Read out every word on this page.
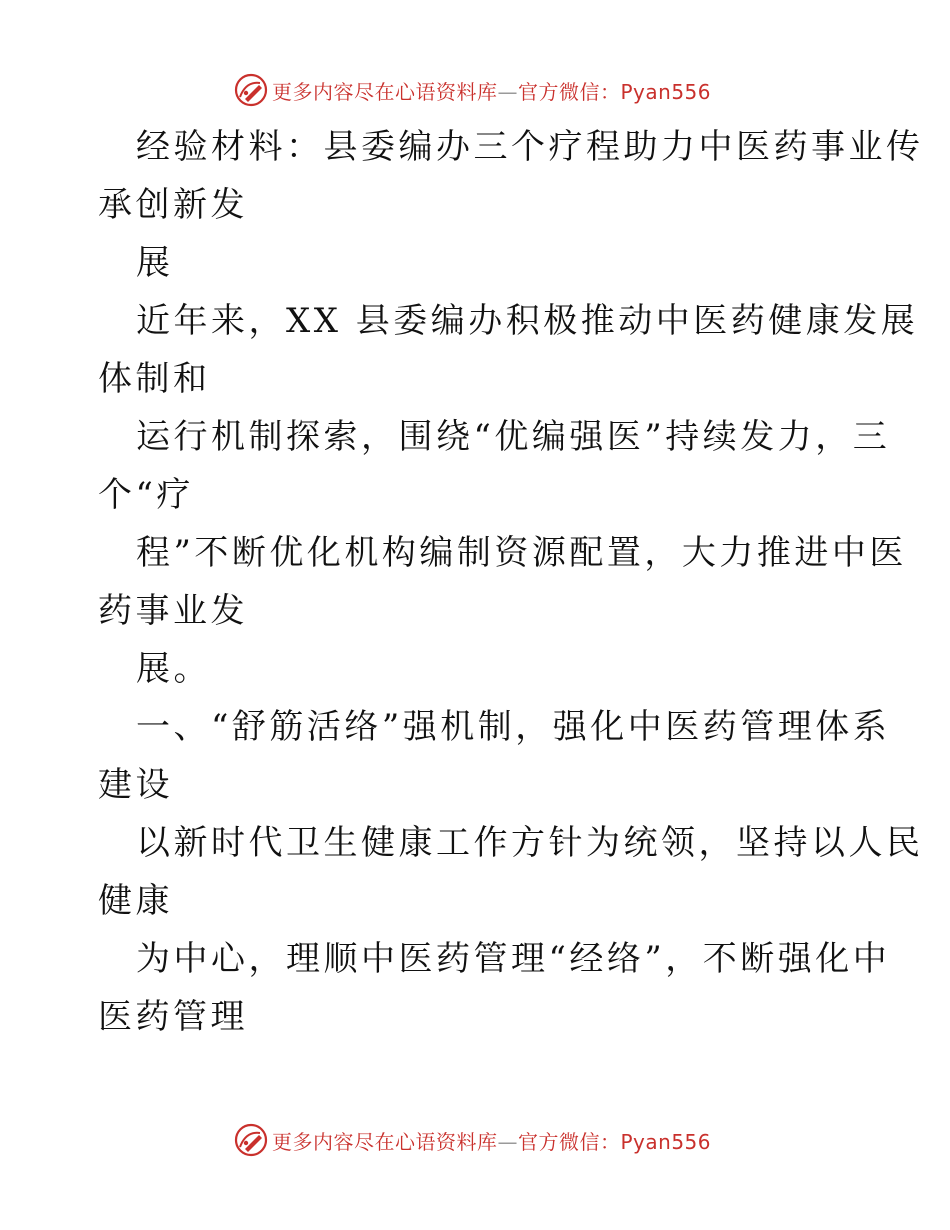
更多内容尽在心语资料库—官方微信：Pyan556
经验材料：县委编办三个疗程助力中医药事业传
承创新发
展
近年来，XX 县委编办积极推动中医药健康发展
体制和
运行机制探索，围绕“优编强医”持续发力，三
个“疗
程”不断优化机构编制资源配置，大力推进中医
药事业发
展。
一、“舒筋活络”强机制，强化中医药管理体系
建设
以新时代卫生健康工作方针为统领，坚持以人民
健康
为中心，理顺中医药管理“经络”，不断强化中
医药管理
更多内容尽在心语资料库—官方微信：Pyan556
